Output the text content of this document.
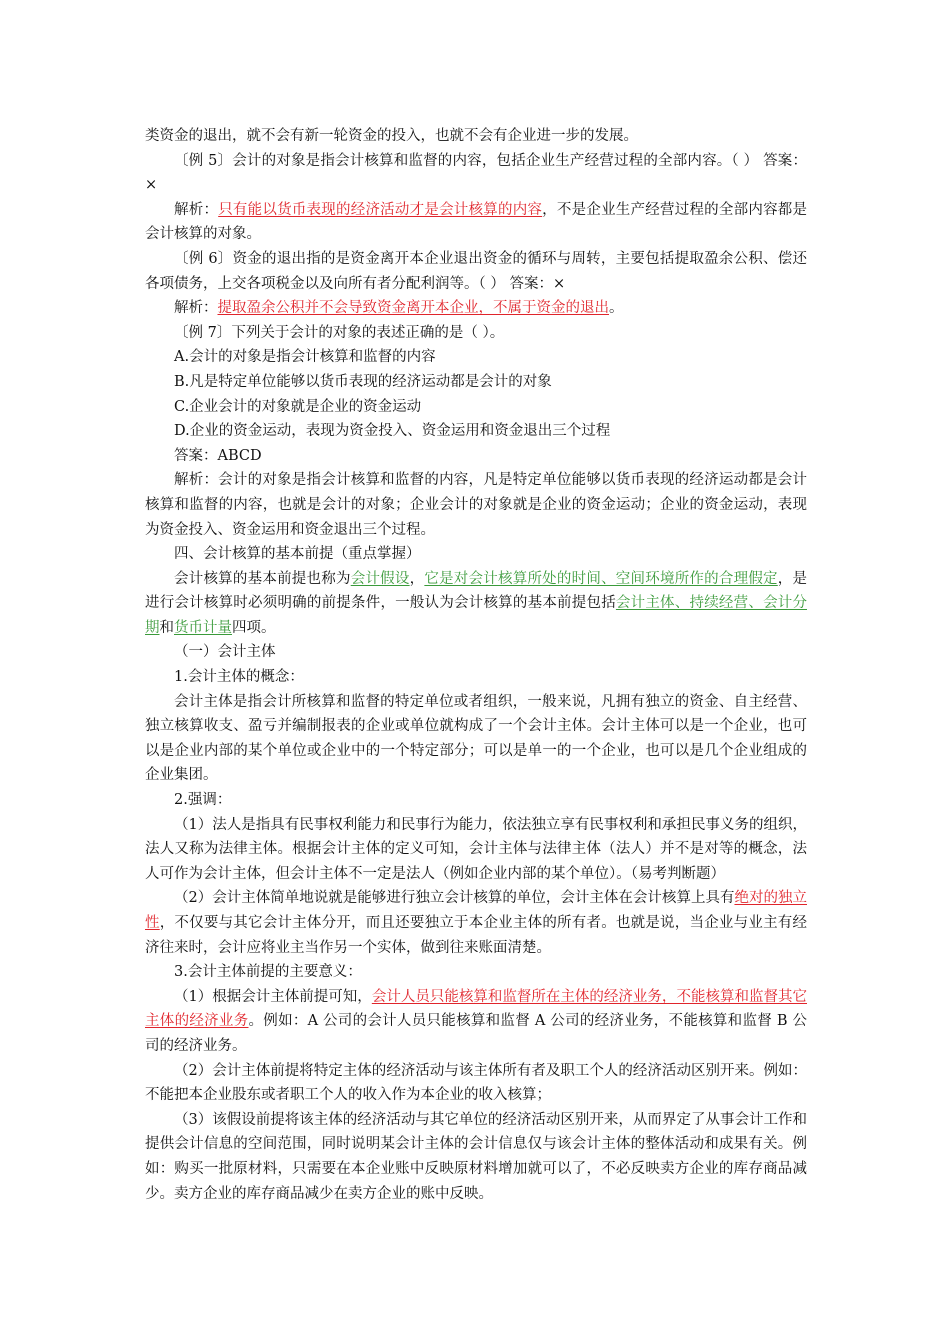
类资金的退出，就不会有新一轮资金的投入，也就不会有企业进一步的发展。

〔例 5〕会计的对象是指会计核算和监督的内容，包括企业生产经营过程的全部内容。（ ） 答案：×

解析：只有能以货币表现的经济活动才是会计核算的内容，不是企业生产经营过程的全部内容都是会计核算的对象。

〔例 6〕资金的退出指的是资金离开本企业退出资金的循环与周转，主要包括提取盈余公积、偿还各项债务，上交各项税金以及向所有者分配利润等。（ ） 答案：×

解析：提取盈余公积并不会导致资金离开本企业，不属于资金的退出。

〔例 7〕下列关于会计的对象的表述正确的是（ ）。

A.会计的对象是指会计核算和监督的内容

B.凡是特定单位能够以货币表现的经济运动都是会计的对象

C.企业会计的对象就是企业的资金运动

D.企业的资金运动，表现为资金投入、资金运用和资金退出三个过程

答案：ABCD

解析：会计的对象是指会计核算和监督的内容，凡是特定单位能够以货币表现的经济运动都是会计核算和监督的内容，也就是会计的对象；企业会计的对象就是企业的资金运动；企业的资金运动，表现为资金投入、资金运用和资金退出三个过程。

四、会计核算的基本前提（重点掌握）

会计核算的基本前提也称为会计假设，它是对会计核算所处的时间、空间环境所作的合理假定，是进行会计核算时必须明确的前提条件，一般认为会计核算的基本前提包括会计主体、持续经营、会计分期和货币计量四项。

（一）会计主体

1.会计主体的概念：

会计主体是指会计所核算和监督的特定单位或者组织，一般来说，凡拥有独立的资金、自主经营、独立核算收支、盈亏并编制报表的企业或单位就构成了一个会计主体。会计主体可以是一个企业，也可以是企业内部的某个单位或企业中的一个特定部分；可以是单一的一个企业，也可以是几个企业组成的企业集团。

2.强调：

（1）法人是指具有民事权利能力和民事行为能力，依法独立享有民事权利和承担民事义务的组织，法人又称为法律主体。根据会计主体的定义可知，会计主体与法律主体（法人）并不是对等的概念，法人可作为会计主体，但会计主体不一定是法人（例如企业内部的某个单位）。（易考判断题）

（2）会计主体简单地说就是能够进行独立会计核算的单位，会计主体在会计核算上具有绝对的独立性，不仅要与其它会计主体分开，而且还要独立于本企业主体的所有者。也就是说，当企业与业主有经济往来时，会计应将业主当作另一个实体，做到往来账面清楚。

3.会计主体前提的主要意义：

（1）根据会计主体前提可知，会计人员只能核算和监督所在主体的经济业务，不能核算和监督其它主体的经济业务。例如：A 公司的会计人员只能核算和监督 A 公司的经济业务，不能核算和监督 B 公司的经济业务。

（2）会计主体前提将特定主体的经济活动与该主体所有者及职工个人的经济活动区别开来。例如：不能把本企业股东或者职工个人的收入作为本企业的收入核算；

（3）该假设前提将该主体的经济活动与其它单位的经济活动区别开来，从而界定了从事会计工作和提供会计信息的空间范围，同时说明某会计主体的会计信息仅与该会计主体的整体活动和成果有关。例如：购买一批原材料，只需要在本企业账中反映原材料增加就可以了，不必反映卖方企业的库存商品减少。卖方企业的库存商品减少在卖方企业的账中反映。
